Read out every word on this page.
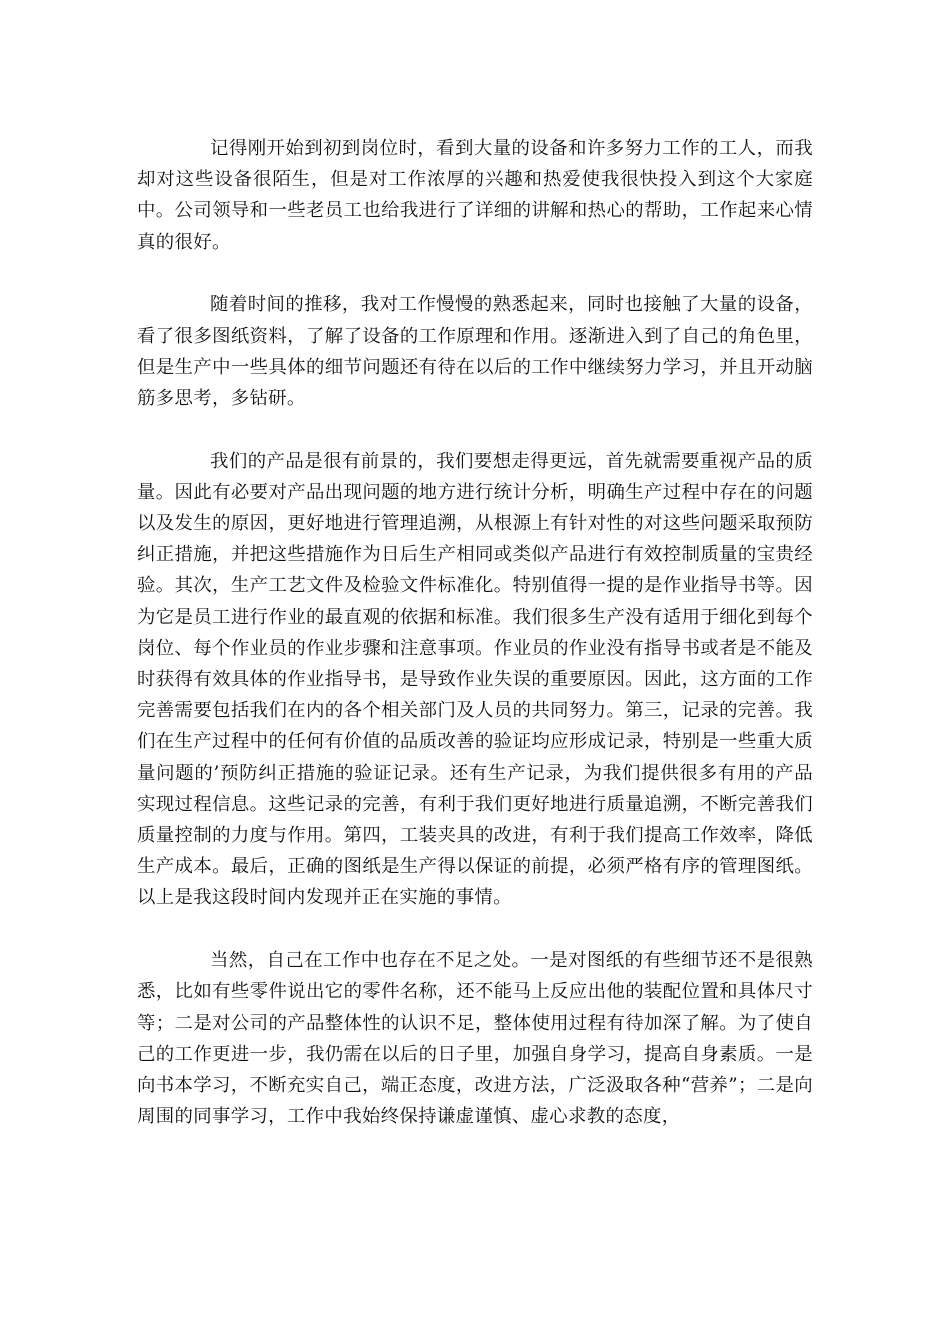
记得刚开始到初到岗位时，看到大量的设备和许多努力工作的工人，而我却对这些设备很陌生，但是对工作浓厚的兴趣和热爱使我很快投入到这个大家庭中。公司领导和一些老员工也给我进行了详细的讲解和热心的帮助，工作起来心情真的很好。

随着时间的推移，我对工作慢慢的熟悉起来，同时也接触了大量的设备，看了很多图纸资料，了解了设备的工作原理和作用。逐渐进入到了自己的角色里，但是生产中一些具体的细节问题还有待在以后的工作中继续努力学习，并且开动脑筋多思考，多钻研。

我们的产品是很有前景的，我们要想走得更远，首先就需要重视产品的质量。因此有必要对产品出现问题的地方进行统计分析，明确生产过程中存在的问题以及发生的原因，更好地进行管理追溯，从根源上有针对性的对这些问题采取预防纠正措施，并把这些措施作为日后生产相同或类似产品进行有效控制质量的宝贵经验。其次，生产工艺文件及检验文件标准化。特别值得一提的是作业指导书等。因为它是员工进行作业的最直观的依据和标准。我们很多生产没有适用于细化到每个岗位、每个作业员的作业步骤和注意事项。作业员的作业没有指导书或者是不能及时获得有效具体的作业指导书，是导致作业失误的重要原因。因此，这方面的工作完善需要包括我们在内的各个相关部门及人员的共同努力。第三，记录的完善。我们在生产过程中的任何有价值的品质改善的验证均应形成记录，特别是一些重大质量问题的’预防纠正措施的验证记录。还有生产记录，为我们提供很多有用的产品实现过程信息。这些记录的完善，有利于我们更好地进行质量追溯，不断完善我们质量控制的力度与作用。第四，工装夹具的改进，有利于我们提高工作效率，降低生产成本。最后，正确的图纸是生产得以保证的前提，必须严格有序的管理图纸。以上是我这段时间内发现并正在实施的事情。

当然，自己在工作中也存在不足之处。一是对图纸的有些细节还不是很熟悉，比如有些零件说出它的零件名称，还不能马上反应出他的装配位置和具体尺寸等；二是对公司的产品整体性的认识不足，整体使用过程有待加深了解。为了使自己的工作更进一步，我仍需在以后的日子里，加强自身学习，提高自身素质。一是向书本学习，不断充实自己，端正态度，改进方法，广泛汲取各种“营养”；二是向周围的同事学习，工作中我始终保持谦虚谨慎、虚心求教的态度，
